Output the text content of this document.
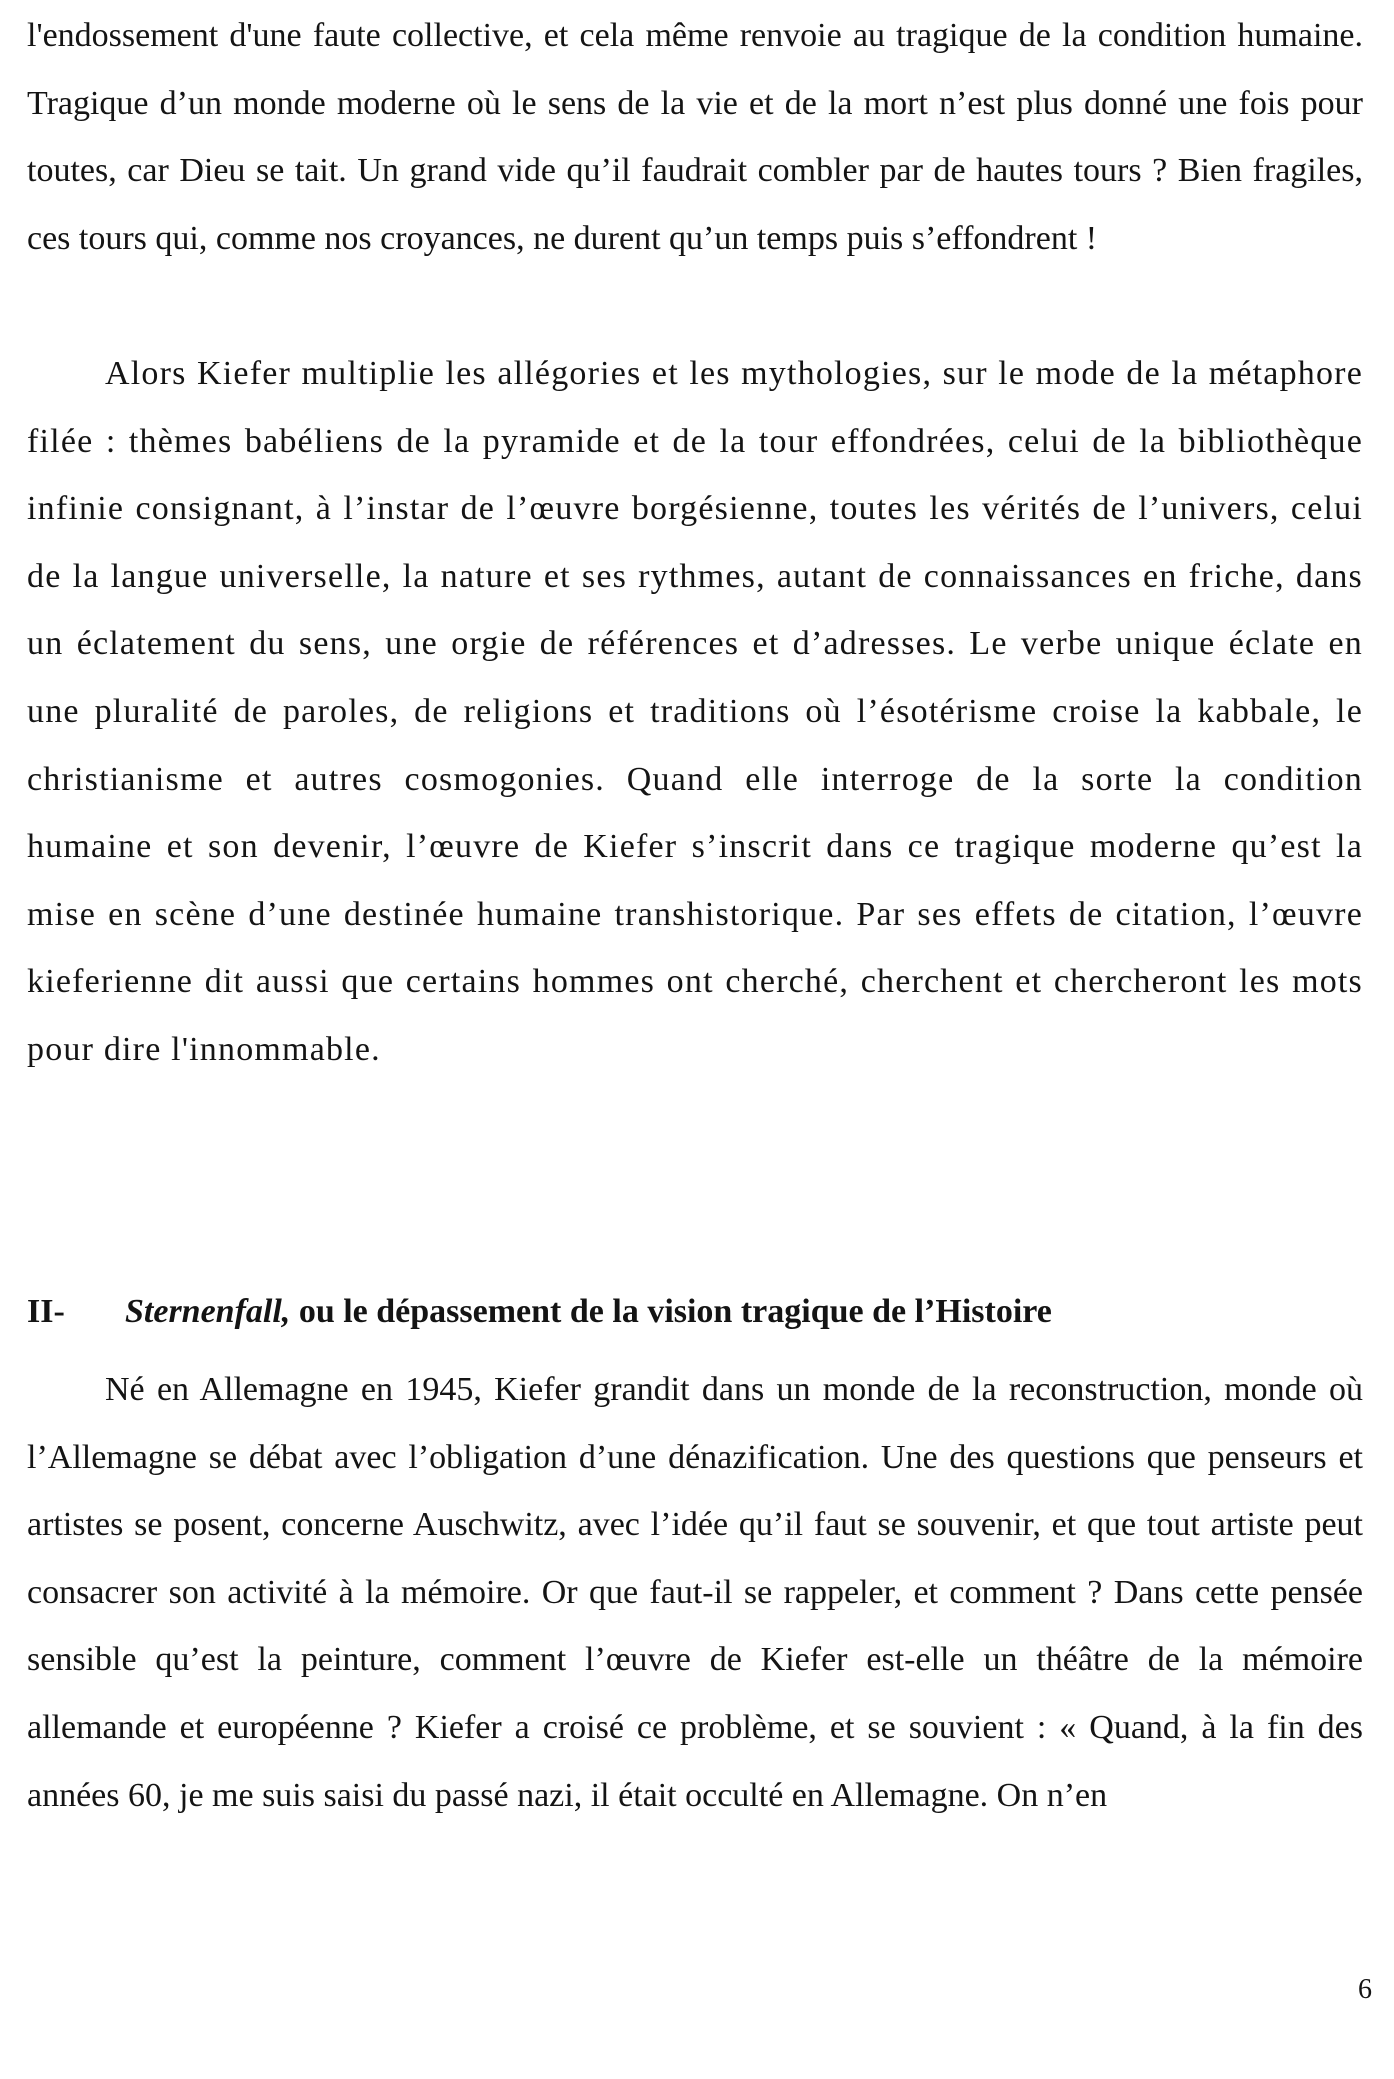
l'endossement d'une faute collective, et cela même renvoie au tragique de la condition humaine. Tragique d’un monde moderne où le sens de la vie et de la mort n’est plus donné une fois pour toutes, car Dieu se tait. Un grand vide qu’il faudrait combler par de hautes tours ? Bien fragiles, ces tours qui, comme nos croyances, ne durent qu’un temps puis s’effondrent !

Alors Kiefer multiplie les allégories et les mythologies, sur le mode de la métaphore filée : thèmes babéliens de la pyramide et de la tour effondrées, celui de la bibliothèque infinie consignant, à l’instar de l’œuvre borgésienne, toutes les vérités de l’univers, celui de la langue universelle, la nature et ses rythmes, autant de connaissances en friche, dans un éclatement du sens, une orgie de références et d’adresses. Le verbe unique éclate en une pluralité de paroles, de religions et traditions où l’ésotérisme croise la kabbale, le christianisme et autres cosmogonies. Quand elle interroge de la sorte la condition humaine et son devenir, l’œuvre de Kiefer s’inscrit dans ce tragique moderne qu’est la mise en scène d’une destinée humaine transhistorique. Par ses effets de citation, l’œuvre kieferienne dit aussi que certains hommes ont cherché, cherchent et chercheront les mots pour dire l'innommable.

II- Sternenfall, ou le dépassement de la vision tragique de l’Histoire

Né en Allemagne en 1945, Kiefer grandit dans un monde de la reconstruction, monde où l’Allemagne se débat avec l’obligation d’une dénazification. Une des questions que penseurs et artistes se posent, concerne Auschwitz, avec l’idée qu’il faut se souvenir, et que tout artiste peut consacrer son activité à la mémoire. Or que faut-il se rappeler, et comment ? Dans cette pensée sensible qu’est la peinture, comment l’œuvre de Kiefer est-elle un théâtre de la mémoire allemande et européenne ? Kiefer a croisé ce problème, et se souvient : « Quand, à la fin des années 60, je me suis saisi du passé nazi, il était occulté en Allemagne. On n’en

6
